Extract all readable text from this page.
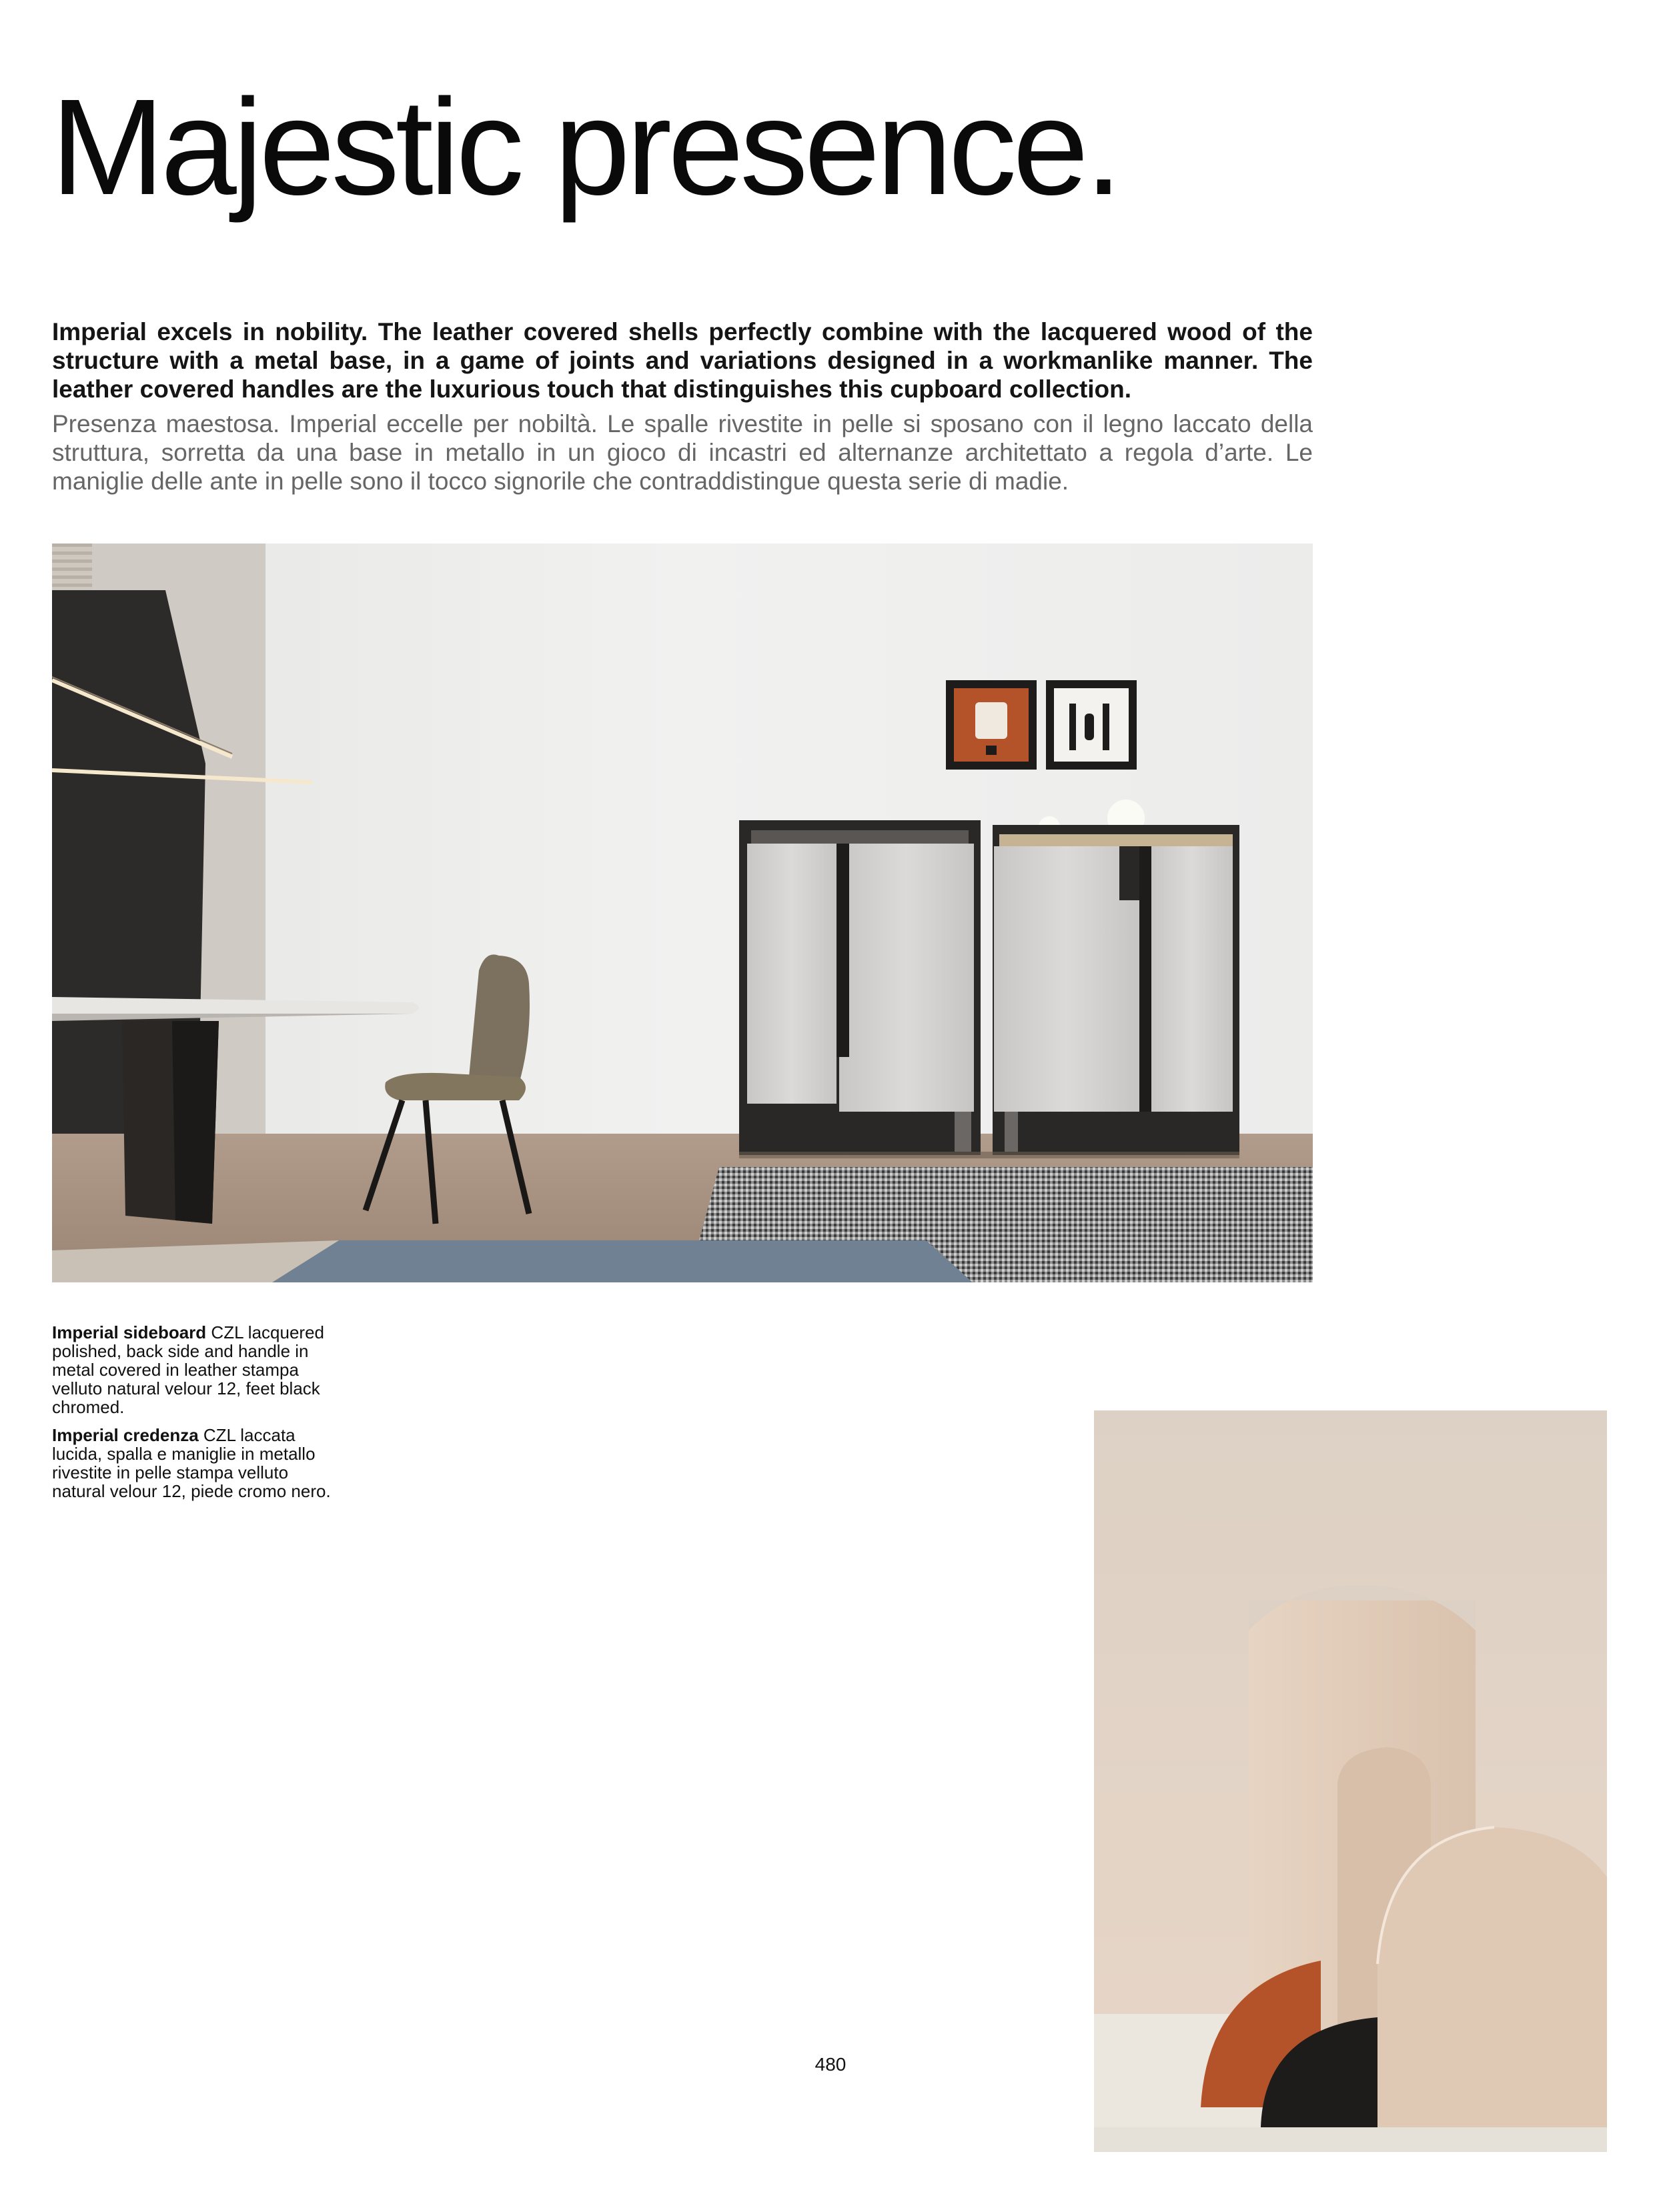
Majestic presence.

Imperial excels in nobility. The leather covered shells perfectly combine with the lacquered wood of the structure with a metal base, in a game of joints and variations designed in a workmanlike manner. The leather covered handles are the luxurious touch that distinguishes this cupboard collection.

Presenza maestosa. Imperial eccelle per nobiltà. Le spalle rivestite in pelle si sposano con il legno laccato della struttura, sorretta da una base in metallo in un gioco di incastri ed alternanze architettato a regola d’arte. Le maniglie delle ante in pelle sono il tocco signorile che contraddistingue questa serie di madie.

Imperial sideboard CZL lacquered polished, back side and handle in metal covered in leather stampa velluto natural velour 12, feet black chromed.

Imperial credenza CZL laccata lucida, spalla e maniglie in metallo rivestite in pelle stampa velluto natural velour 12, piede cromo nero.

480
